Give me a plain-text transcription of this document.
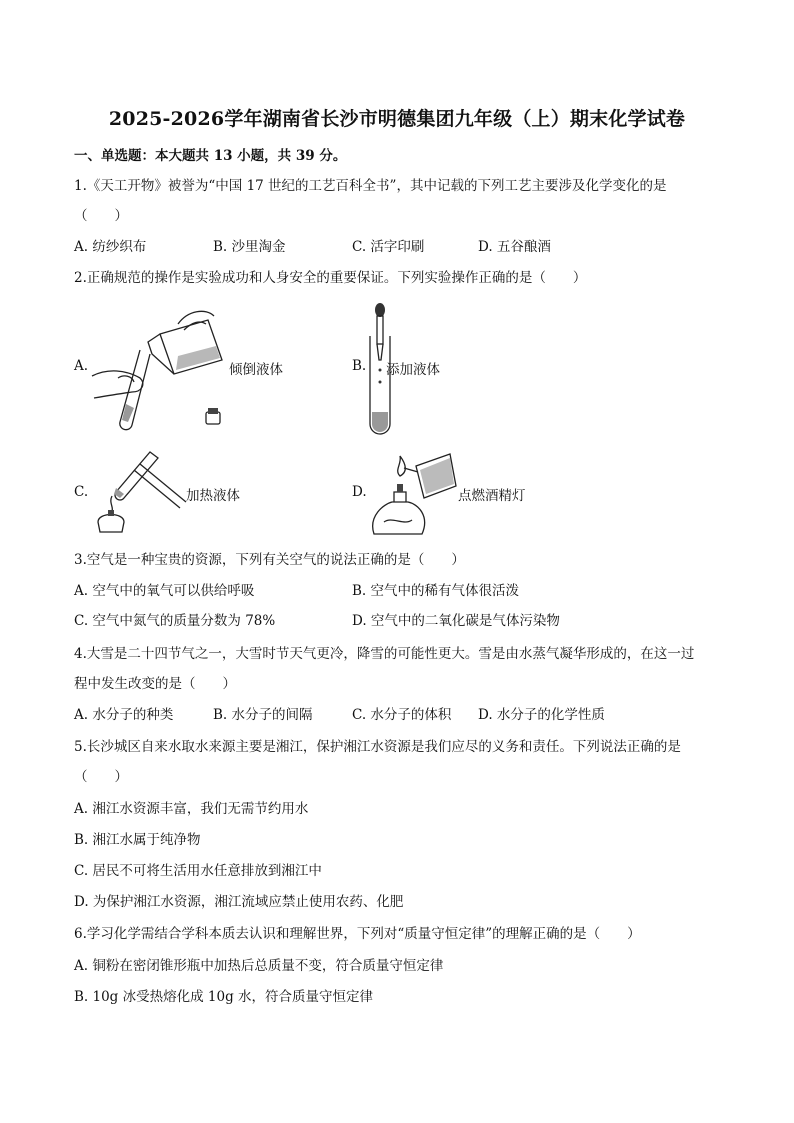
2025-2026学年湖南省长沙市明德集团九年级（上）期末化学试卷
一、单选题：本大题共 13 小题，共 39 分。
1.《天工开物》被誉为“中国 17 世纪的工艺百科全书”，其中记载的下列工艺主要涉及化学变化的是
（　　）
A. 纺纱织布	B. 沙里淘金	C. 活字印刷	D. 五谷酿酒
2.正确规范的操作是实验成功和人身安全的重要保证。下列实验操作正确的是（　　）
A.	倾倒液体	B. 添加液体
C.	加热液体	D.	点燃酒精灯
3.空气是一种宝贵的资源，下列有关空气的说法正确的是（　　）
A. 空气中的氧气可以供给呼吸	B. 空气中的稀有气体很活泼
C. 空气中氮气的质量分数为 78%	D. 空气中的二氧化碳是气体污染物
4.大雪是二十四节气之一，大雪时节天气更冷，降雪的可能性更大。雪是由水蒸气凝华形成的，在这一过
程中发生改变的是（　　）
A. 水分子的种类	B. 水分子的间隔	C. 水分子的体积 D. 水分子的化学性质
5.长沙城区自来水取水来源主要是湘江，保护湘江水资源是我们应尽的义务和责任。下列说法正确的是
（　　）
A. 湘江水资源丰富，我们无需节约用水
B. 湘江水属于纯净物
C. 居民不可将生活用水任意排放到湘江中
D. 为保护湘江水资源，湘江流域应禁止使用农药、化肥
6.学习化学需结合学科本质去认识和理解世界，下列对“质量守恒定律”的理解正确的是（　　）
A. 铜粉在密闭锥形瓶中加热后总质量不变，符合质量守恒定律
B. 10g 冰受热熔化成 10g 水，符合质量守恒定律
